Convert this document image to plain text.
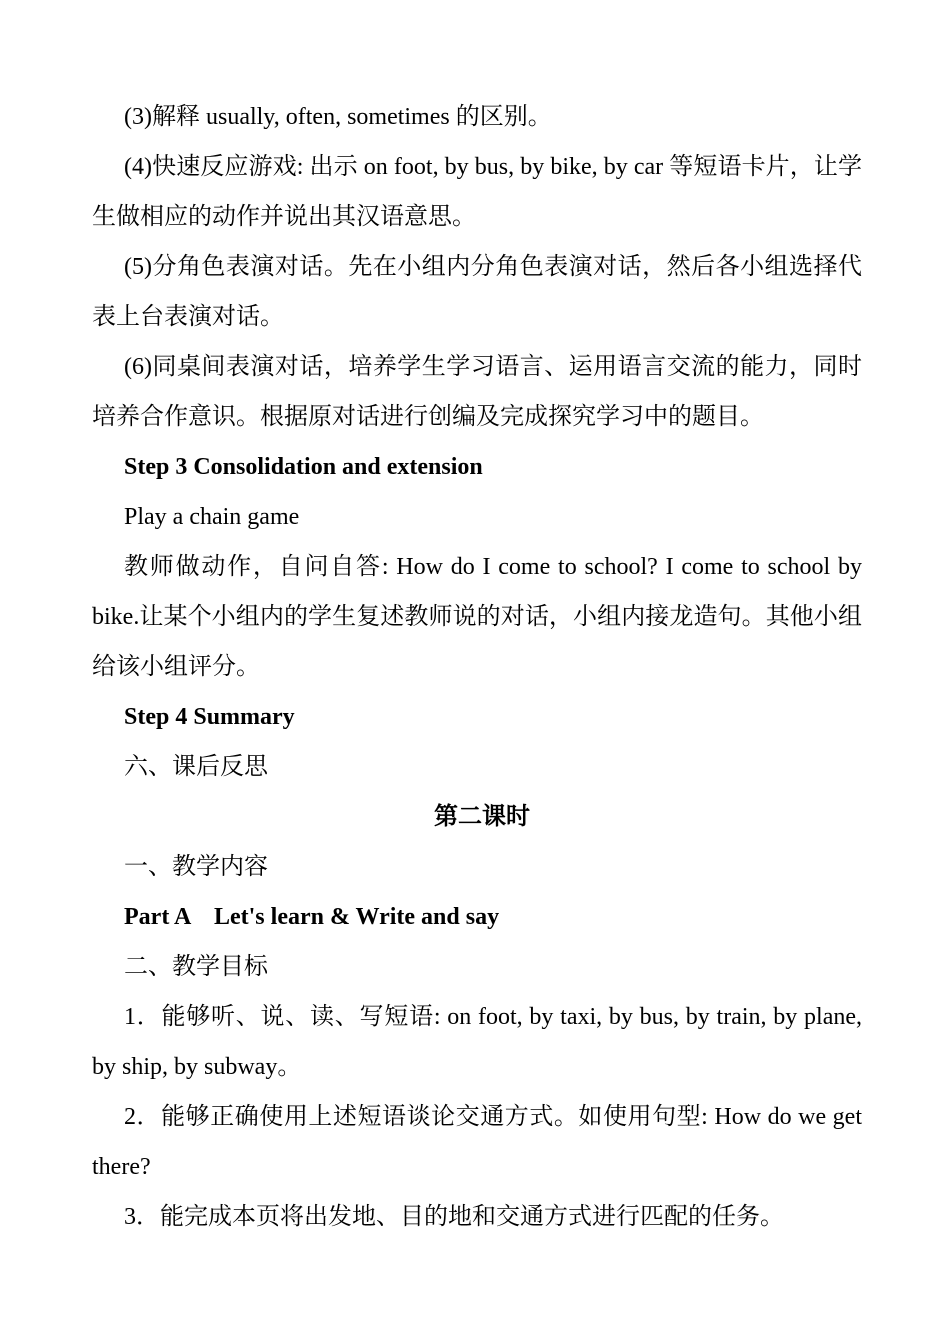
(3)解释 usually, often, sometimes 的区别。

(4)快速反应游戏: 出示 on foot, by bus, by bike, by car 等短语卡片，让学生做相应的动作并说出其汉语意思。

(5)分角色表演对话。先在小组内分角色表演对话，然后各小组选择代表上台表演对话。

(6)同桌间表演对话，培养学生学习语言、运用语言交流的能力，同时培养合作意识。根据原对话进行创编及完成探究学习中的题目。

Step 3 Consolidation and extension

Play a chain game

教师做动作，自问自答: How do I come to school? I come to school by bike.让某个小组内的学生复述教师说的对话，小组内接龙造句。其他小组给该小组评分。

Step 4 Summary

六、课后反思

第二课时

一、教学内容

Part A　Let's learn & Write and say

二、教学目标

1．能够听、说、读、写短语: on foot, by taxi, by bus, by train, by plane, by ship, by subway。

2．能够正确使用上述短语谈论交通方式。如使用句型: How do we get there?

3．能完成本页将出发地、目的地和交通方式进行匹配的任务。
